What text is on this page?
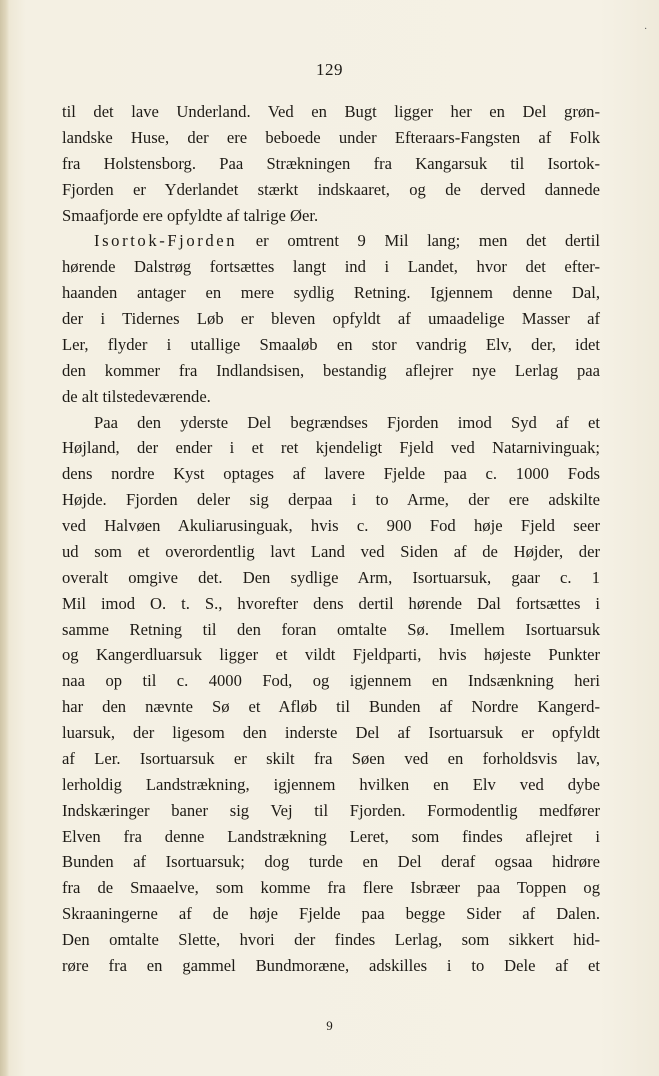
·
129
til det lave Underland. Ved en Bugt ligger her en Del grøn-
landske Huse, der ere beboede under Efteraars-Fangsten af Folk
fra Holstensborg. Paa Strækningen fra Kangarsuk til Isortok-
Fjorden er Yderlandet stærkt indskaaret, og de derved dannede
Smaafjorde ere opfyldte af talrige Øer.
Isortok-Fjorden er omtrent 9 Mil lang; men det dertil
hørende Dalstrøg fortsættes langt ind i Landet, hvor det efter-
haanden antager en mere sydlig Retning. Igjennem denne Dal,
der i Tidernes Løb er bleven opfyldt af umaadelige Masser af
Ler, flyder i utallige Smaaløb en stor vandrig Elv, der, idet
den kommer fra Indlandsisen, bestandig aflejrer nye Lerlag paa
de alt tilstedeværende.
Paa den yderste Del begrændses Fjorden imod Syd af et
Højland, der ender i et ret kjendeligt Fjeld ved Natarnivinguak;
dens nordre Kyst optages af lavere Fjelde paa c. 1000 Fods
Højde. Fjorden deler sig derpaa i to Arme, der ere adskilte
ved Halvøen Akuliarusinguak, hvis c. 900 Fod høje Fjeld seer
ud som et overordentlig lavt Land ved Siden af de Højder, der
overalt omgive det. Den sydlige Arm, Isortuarsuk, gaar c. 1
Mil imod O. t. S., hvorefter dens dertil hørende Dal fortsættes i
samme Retning til den foran omtalte Sø. Imellem Isortuarsuk
og Kangerdluarsuk ligger et vildt Fjeldparti, hvis højeste Punkter
naa op til c. 4000 Fod, og igjennem en Indsænkning heri
har den nævnte Sø et Afløb til Bunden af Nordre Kangerd-
luarsuk, der ligesom den inderste Del af Isortuarsuk er opfyldt
af Ler. Isortuarsuk er skilt fra Søen ved en forholdsvis lav,
lerholdig Landstrækning, igjennem hvilken en Elv ved dybe
Indskæringer baner sig Vej til Fjorden. Formodentlig medfører
Elven fra denne Landstrækning Leret, som findes aflejret i
Bunden af Isortuarsuk; dog turde en Del deraf ogsaa hidrøre
fra de Smaaelve, som komme fra flere Isbræer paa Toppen og
Skraaningerne af de høje Fjelde paa begge Sider af Dalen.
Den omtalte Slette, hvori der findes Lerlag, som sikkert hid-
røre fra en gammel Bundmoræne, adskilles i to Dele af et
9
